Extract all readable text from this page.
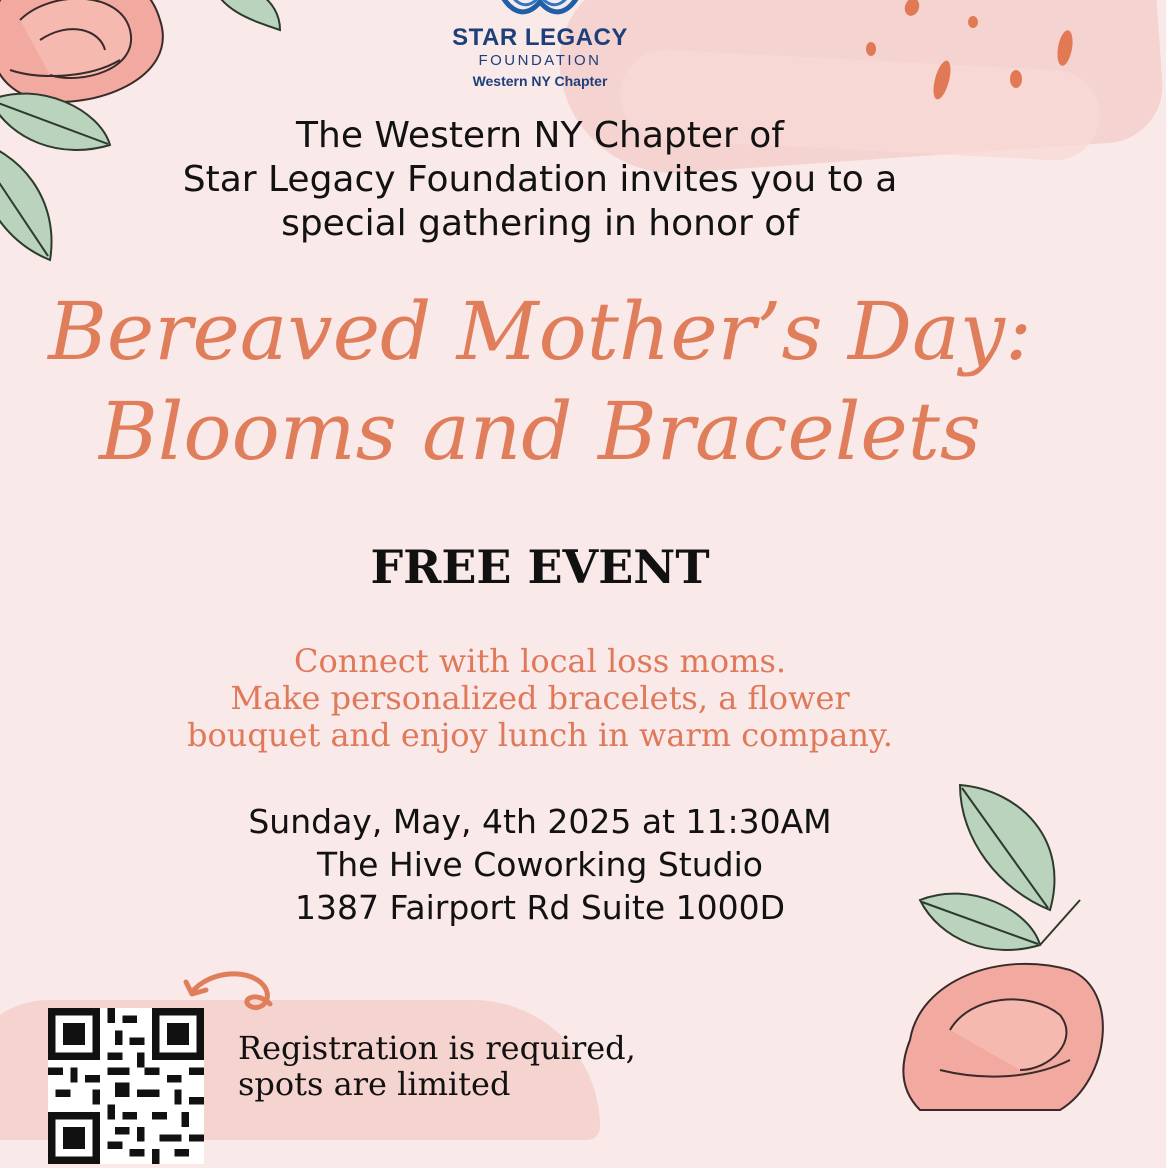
STAR LEGACY
FOUNDATION
Western NY Chapter
The Western NY Chapter of
Star Legacy Foundation invites you to a
special gathering in honor of
Bereaved Mother’s Day:
Blooms and Bracelets
FREE EVENT
Connect with local loss moms.
Make personalized bracelets, a flower
bouquet and enjoy lunch in warm company.
Sunday, May, 4th 2025 at 11:30AM
The Hive Coworking Studio
1387 Fairport Rd Suite 1000D
Registration is required,
spots are limited
